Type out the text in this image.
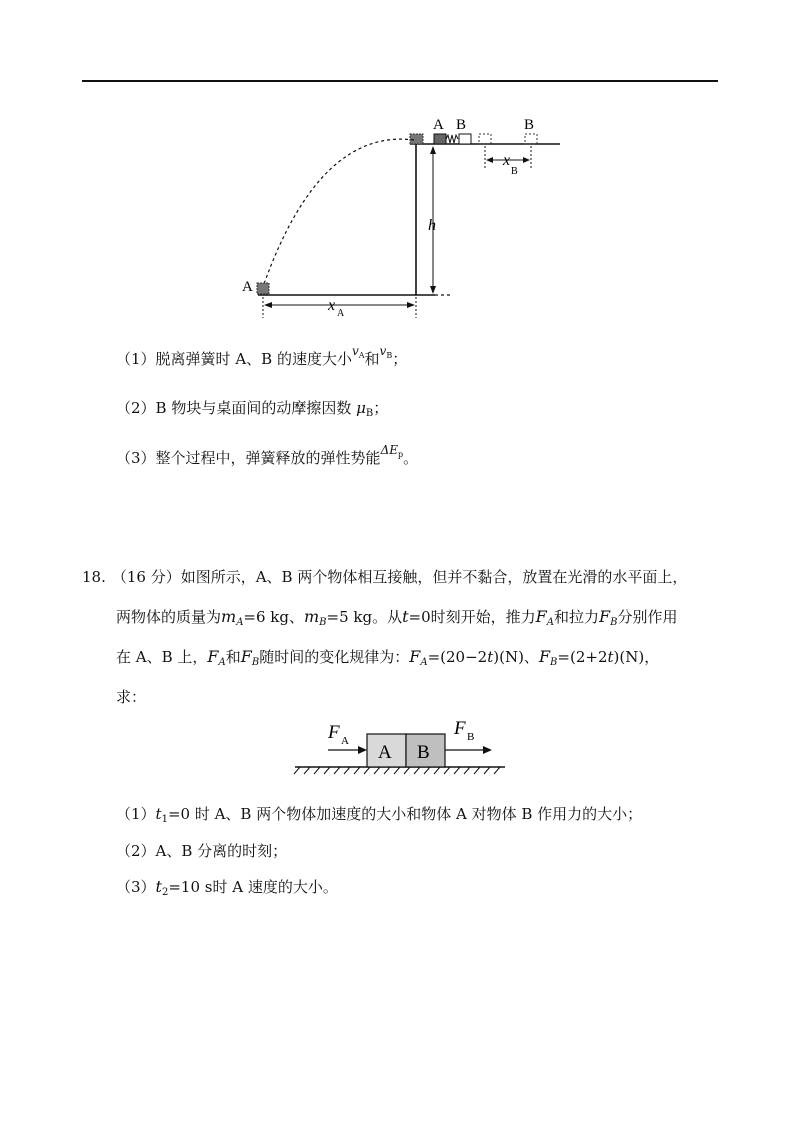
A B	B
A
h
x A
x
B
（1）脱离弹簧时 A、B 的速度大小$^v_A$和$^v_B$；
（2）B 物块与桌面间的动摩擦因数 $\mu_B$；
（3）整个过程中，弹簧释放的弹性势能$^{\Delta E}_p$。
18. （16 分）如图所示，A、B 两个物体相互接触，但并不黏合，放置在光滑的水平面上，
两物体的质量为$m_A=6$ kg、$m_B=5$ kg。从t=0时刻开始，推力$F_A$和拉力$F_B$分别作用
在 A、B 上，$F_A$和$F_B$随时间的变化规律为：$F_A=(20-2t)(N)$、$F_B=(2+2t)(N)$，
求：
A B
F A
F B
$(1)t_1=0$ 时 A、B 两个物体加速度的大小和物体 A 对物体 B 作用力的大小；
（2）A、B 分离的时刻；
$(3)t_2=10$ s时 A 速度的大小。
